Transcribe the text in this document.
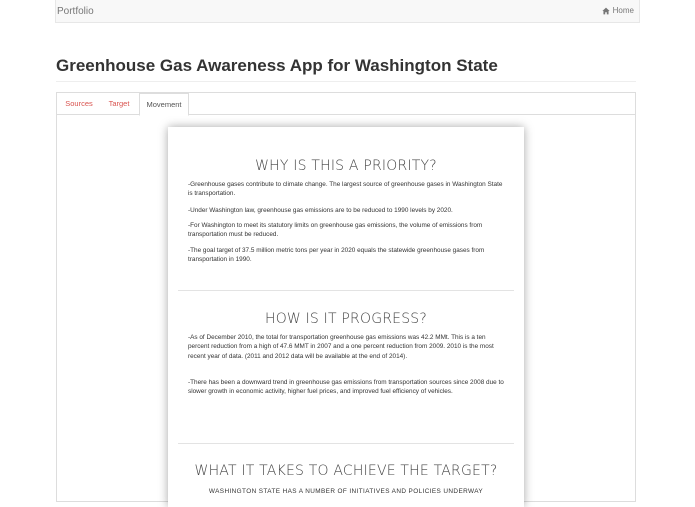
Portfolio	Home
Greenhouse Gas Awareness App for Washington State
Sources	Target	Movement
WHY IS THIS A PRIORITY?

-Greenhouse gases contribute to climate change. The largest source of greenhouse gases in Washington State is transportation.

-Under Washington law, greenhouse gas emissions are to be reduced to 1990 levels by 2020.

-For Washington to meet its statutory limits on greenhouse gas emissions, the volume of emissions from transportation must be reduced.

-The goal target of 37.5 million metric tons per year in 2020 equals the statewide greenhouse gases from transportation in 1990.

HOW IS IT PROGRESS?

-As of December 2010, the total for transportation greenhouse gas emissions was 42.2 MMt. This is a ten percent reduction from a high of 47.6 MMT in 2007 and a one percent reduction from 2009. 2010 is the most recent year of data. (2011 and 2012 data will be available at the end of 2014).

-There has been a downward trend in greenhouse gas emissions from transportation sources since 2008 due to slower growth in economic activity, higher fuel prices, and improved fuel efficiency of vehicles.

WHAT IT TAKES TO ACHIEVE THE TARGET?
WASHINGTON STATE HAS A NUMBER OF INITIATIVES AND POLICIES UNDERWAY
